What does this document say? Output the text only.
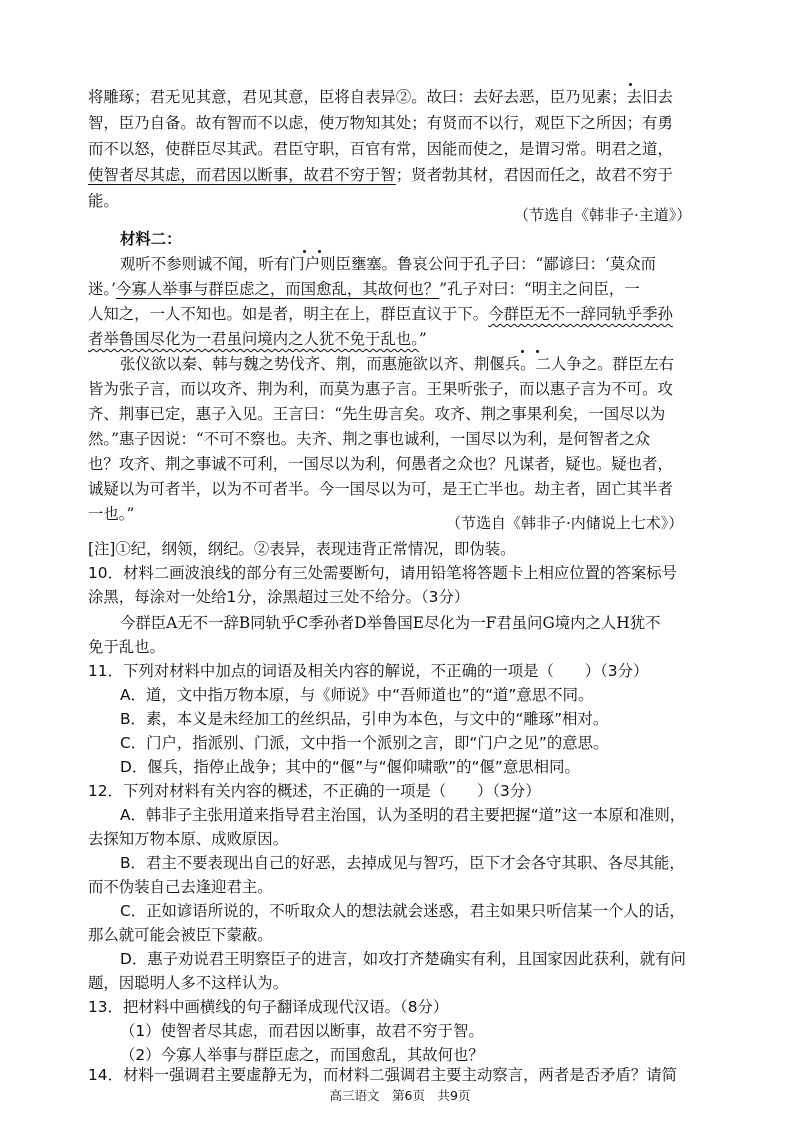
将雕琢；君无见其意，君见其意，臣将自表异②。故曰：去好去恶，臣乃见素；去旧去
智，臣乃自备。故有智而不以虑，使万物知其处；有贤而不以行，观臣下之所因；有勇
而不以怒，使群臣尽其武。君臣守职，百官有常，因能而使之，是谓习常。明君之道，
使智者尽其虑，而君因以断事，故君不穷于智；贤者勃其材，君因而任之，故君不穷于
能。
（节选自《韩非子·主道》）
材料二：
观听不参则诚不闻，听有门户则臣壅塞。鲁哀公问于孔子曰：“鄙谚曰：‘莫众而
迷。’今寡人举事与群臣虑之，而国愈乱，其故何也？”孔子对曰：“明主之问臣，一
人知之，一人不知也。如是者，明主在上，群臣直议于下。今群臣无不一辞同轨乎季孙
者举鲁国尽化为一君虽问境内之人犹不免于乱也。”
张仪欲以秦、韩与魏之势伐齐、荆，而惠施欲以齐、荆偃兵。二人争之。群臣左右
皆为张子言，而以攻齐、荆为利，而莫为惠子言。王果听张子，而以惠子言为不可。攻
齐、荆事已定，惠子入见。王言曰：“先生毋言矣。攻齐、荆之事果利矣，一国尽以为
然。”惠子因说：“不可不察也。夫齐、荆之事也诚利，一国尽以为利，是何智者之众
也？攻齐、荆之事诚不可利，一国尽以为利，何愚者之众也？凡谋者，疑也。疑也者，
诚疑以为可者半，以为不可者半。今一国尽以为可，是王亡半也。劫主者，固亡其半者
一也。”	（节选自《韩非子·内储说上七术》）
[注]①纪，纲领，纲纪。②表异，表现违背正常情况，即伪装。
10．材料二画波浪线的部分有三处需要断句，请用铅笔将答题卡上相应位置的答案标号
涂黑，每涂对一处给1分，涂黑超过三处不给分。（3分）
今群臣A无不一辞B同轨乎C季孙者D举鲁国E尽化为一F君虽问G境内之人H犹不
免于乱也。
11．下列对材料中加点的词语及相关内容的解说，不正确的一项是（　　）（3分）
A．道，文中指万物本原，与《师说》中“吾师道也”的“道”意思不同。
B．素，本义是未经加工的丝织品，引申为本色，与文中的“雕琢”相对。
C．门户，指派别、门派，文中指一个派别之言，即“门户之见”的意思。
D．偃兵，指停止战争；其中的“偃”与“偃仰啸歌”的“偃”意思相同。
12．下列对材料有关内容的概述，不正确的一项是（　　）（3分）
A．韩非子主张用道来指导君主治国，认为圣明的君主要把握“道”这一本原和准则，
去探知万物本原、成败原因。
B．君主不要表现出自己的好恶，去掉成见与智巧，臣下才会各守其职、各尽其能，
而不伪装自己去逢迎君主。
C．正如谚语所说的，不听取众人的想法就会迷惑，君主如果只听信某一个人的话，
那么就可能会被臣下蒙蔽。
D．惠子劝说君王明察臣子的进言，如攻打齐楚确实有利，且国家因此获利，就有问
题，因聪明人多不这样认为。
13．把材料中画横线的句子翻译成现代汉语。（8分）
（1）使智者尽其虑，而君因以断事，故君不穷于智。
（2）今寡人举事与群臣虑之，而国愈乱，其故何也？
14．材料一强调君主要虚静无为，而材料二强调君主要主动察言，两者是否矛盾？请简
高三语文　第6页　共9页
